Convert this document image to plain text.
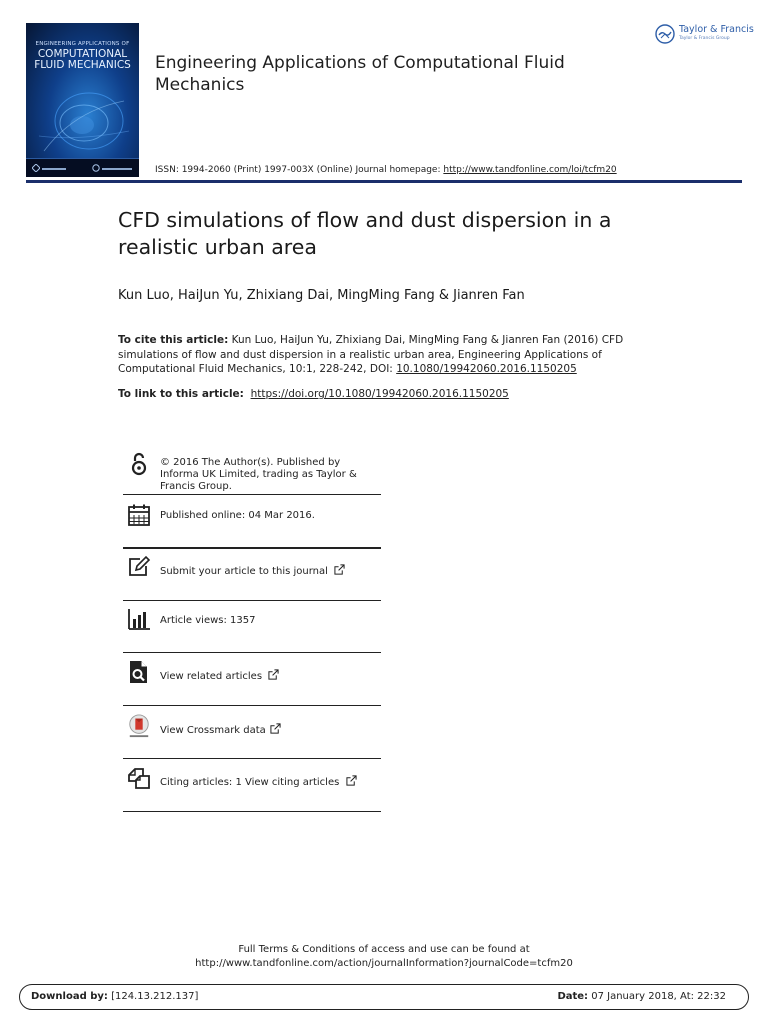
ENGINEERING APPLICATIONS OF
COMPUTATIONAL
FLUID MECHANICS	Engineering Applications of Computational Fluid Mechanics
Taylor & Francis
Taylor & Francis Group
ISSN: 1994-2060 (Print) 1997-003X (Online) Journal homepage: http://www.tandfonline.com/loi/tcfm20
CFD simulations of flow and dust dispersion in a realistic urban area
Kun Luo, HaiJun Yu, Zhixiang Dai, MingMing Fang & Jianren Fan
To cite this article: Kun Luo, HaiJun Yu, Zhixiang Dai, MingMing Fang & Jianren Fan (2016) CFD simulations of flow and dust dispersion in a realistic urban area, Engineering Applications of Computational Fluid Mechanics, 10:1, 228-242, DOI: 10.1080/19942060.2016.1150205
To link to this article: https://doi.org/10.1080/19942060.2016.1150205
© 2016 The Author(s). Published by Informa UK Limited, trading as Taylor & Francis Group.
Published online: 04 Mar 2016.
Submit your article to this journal
Article views: 1357
View related articles
View Crossmark data
Citing articles: 1 View citing articles
Full Terms & Conditions of access and use can be found at
http://www.tandfonline.com/action/journalInformation?journalCode=tcfm20
Download by: [124.13.212.137]	Date: 07 January 2018, At: 22:32
